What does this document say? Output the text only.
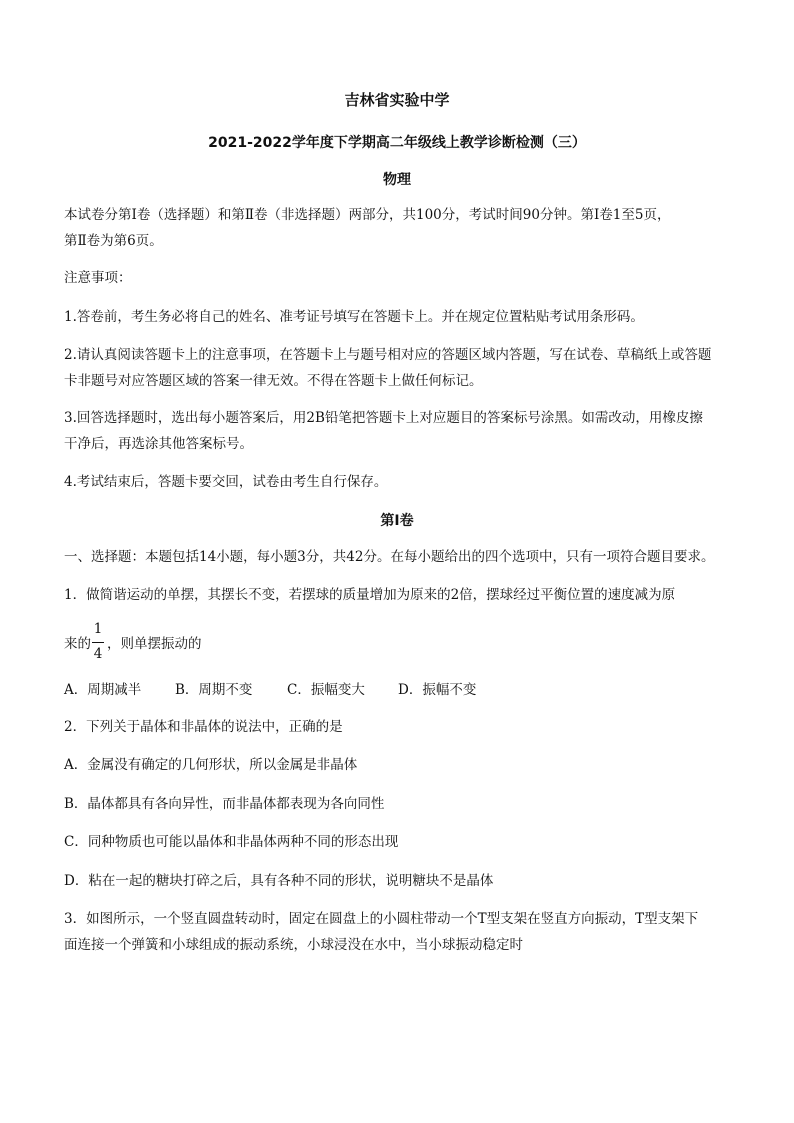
吉林省实验中学
2021-2022学年度下学期高二年级线上教学诊断检测（三）
物理
本试卷分第Ⅰ卷（选择题）和第Ⅱ卷（非选择题）两部分，共100分，考试时间90分钟。第Ⅰ卷1至5页，
第Ⅱ卷为第6页。
注意事项：
1.答卷前，考生务必将自己的姓名、准考证号填写在答题卡上。并在规定位置粘贴考试用条形码。
2.请认真阅读答题卡上的注意事项，在答题卡上与题号相对应的答题区域内答题，写在试卷、草稿纸上或答题
卡非题号对应答题区域的答案一律无效。不得在答题卡上做任何标记。
3.回答选择题时，选出每小题答案后，用2B铅笔把答题卡上对应题目的答案标号涂黑。如需改动，用橡皮擦
干净后，再选涂其他答案标号。
4.考试结束后，答题卡要交回，试卷由考生自行保存。
第Ⅰ卷
一、选择题：本题包括14小题，每小题3分，共42分。在每小题给出的四个选项中，只有一项符合题目要求。
1．做简谐运动的单摆，其摆长不变，若摆球的质量增加为原来的2倍，摆球经过平衡位置的速度减为原
来的
1
4
，则单摆振动的
A．周期减半	B．周期不变	C．振幅变大 D．振幅不变
2．下列关于晶体和非晶体的说法中，正确的是
A．金属没有确定的几何形状，所以金属是非晶体
B．晶体都具有各向异性，而非晶体都表现为各向同性
C．同种物质也可能以晶体和非晶体两种不同的形态出现
D．粘在一起的糖块打碎之后，具有各种不同的形状，说明糖块不是晶体
3．如图所示，一个竖直圆盘转动时，固定在圆盘上的小圆柱带动一个T型支架在竖直方向振动，T型支架下
面连接一个弹簧和小球组成的振动系统，小球浸没在水中，当小球振动稳定时
